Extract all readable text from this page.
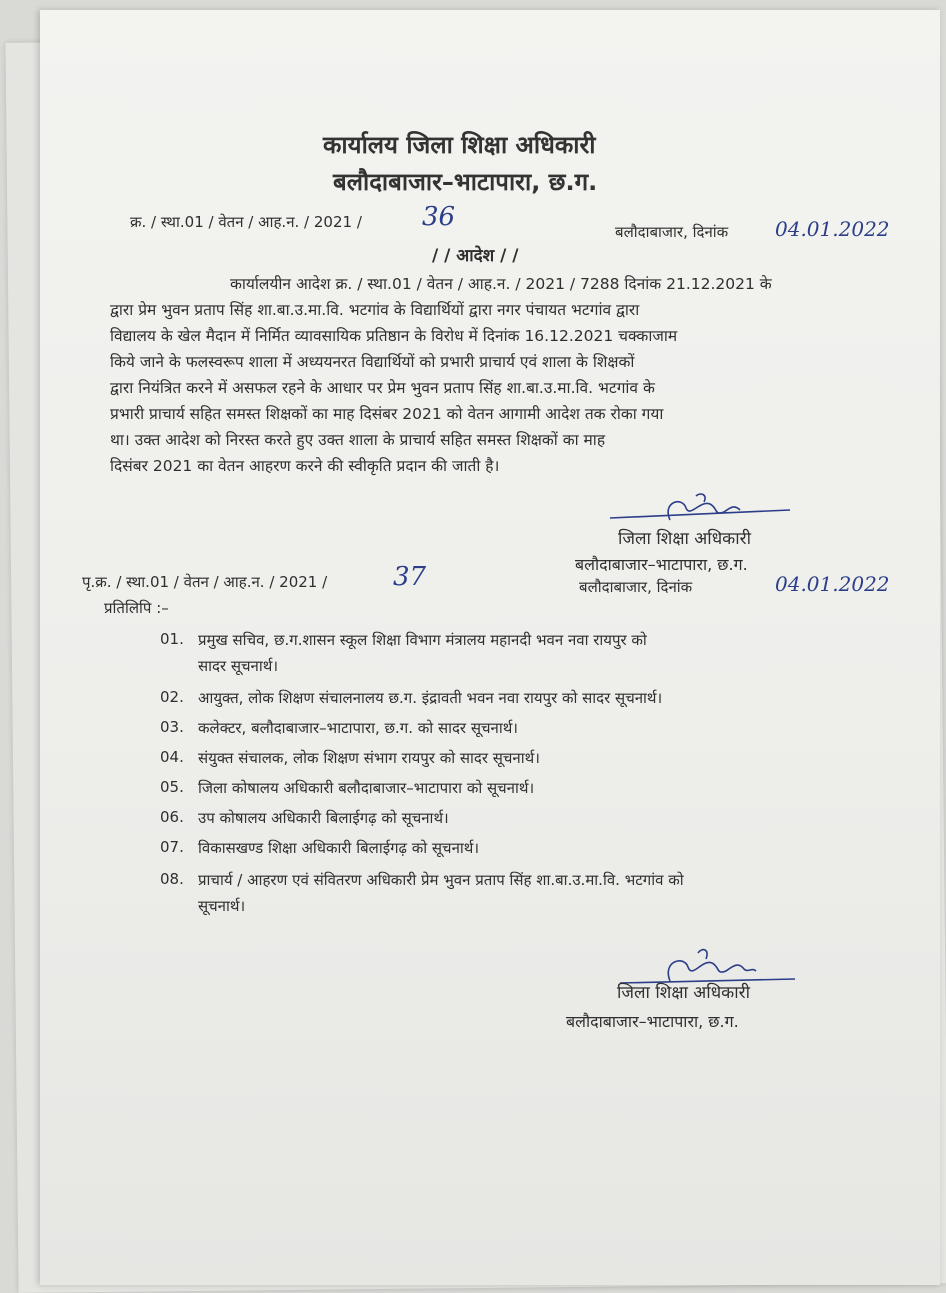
कार्यालय जिला शिक्षा अधिकारी
बलौदाबाजार–भाटापारा, छ.ग.
क्र. / स्था.01 / वेतन / आह.न. / 2021 / 36	बलौदाबाजार, दिनांक 04.01.2022
/ / आदेश / /
कार्यालयीन आदेश क्र. / स्था.01 / वेतन / आह.न. / 2021 / 7288 दिनांक 21.12.2021 के
द्वारा प्रेम भुवन प्रताप सिंह शा.बा.उ.मा.वि. भटगांव के विद्यार्थियों द्वारा नगर पंचायत भटगांव द्वारा
विद्यालय के खेल मैदान में निर्मित व्यावसायिक प्रतिष्ठान के विरोध में दिनांक 16.12.2021 चक्काजाम
किये जाने के फलस्वरूप शाला में अध्ययनरत विद्यार्थियों को प्रभारी प्राचार्य एवं शाला के शिक्षकों
द्वारा नियंत्रित करने में असफल रहने के आधार पर प्रेम भुवन प्रताप सिंह शा.बा.उ.मा.वि. भटगांव के
प्रभारी प्राचार्य सहित समस्त शिक्षकों का माह दिसंबर 2021 को वेतन आगामी आदेश तक रोका गया
था। उक्त आदेश को निरस्त करते हुए उक्त शाला के प्राचार्य सहित समस्त शिक्षकों का माह
दिसंबर 2021 का वेतन आहरण करने की स्वीकृति प्रदान की जाती है।
जिला शिक्षा अधिकारी
बलौदाबाजार–भाटापारा, छ.ग.
पृ.क्र. / स्था.01 / वेतन / आह.न. / 2021 /	37	बलौदाबाजार, दिनांक	04.01.2022
प्रतिलिपि :–
01. प्रमुख सचिव, छ.ग.शासन स्कूल शिक्षा विभाग मंत्रालय महानदी भवन नवा रायपुर को
सादर सूचनार्थ।
02. आयुक्त, लोक शिक्षण संचालनालय छ.ग. इंद्रावती भवन नवा रायपुर को सादर सूचनार्थ।
03. कलेक्टर, बलौदाबाजार–भाटापारा, छ.ग. को सादर सूचनार्थ।
04. संयुक्त संचालक, लोक शिक्षण संभाग रायपुर को सादर सूचनार्थ।
05. जिला कोषालय अधिकारी बलौदाबाजार–भाटापारा को सूचनार्थ।
06. उप कोषालय अधिकारी बिलाईगढ़ को सूचनार्थ।
07. विकासखण्ड शिक्षा अधिकारी बिलाईगढ़ को सूचनार्थ।
08. प्राचार्य / आहरण एवं संवितरण अधिकारी प्रेम भुवन प्रताप सिंह शा.बा.उ.मा.वि. भटगांव को
सूचनार्थ।
जिला शिक्षा अधिकारी
बलौदाबाजार–भाटापारा, छ.ग.
